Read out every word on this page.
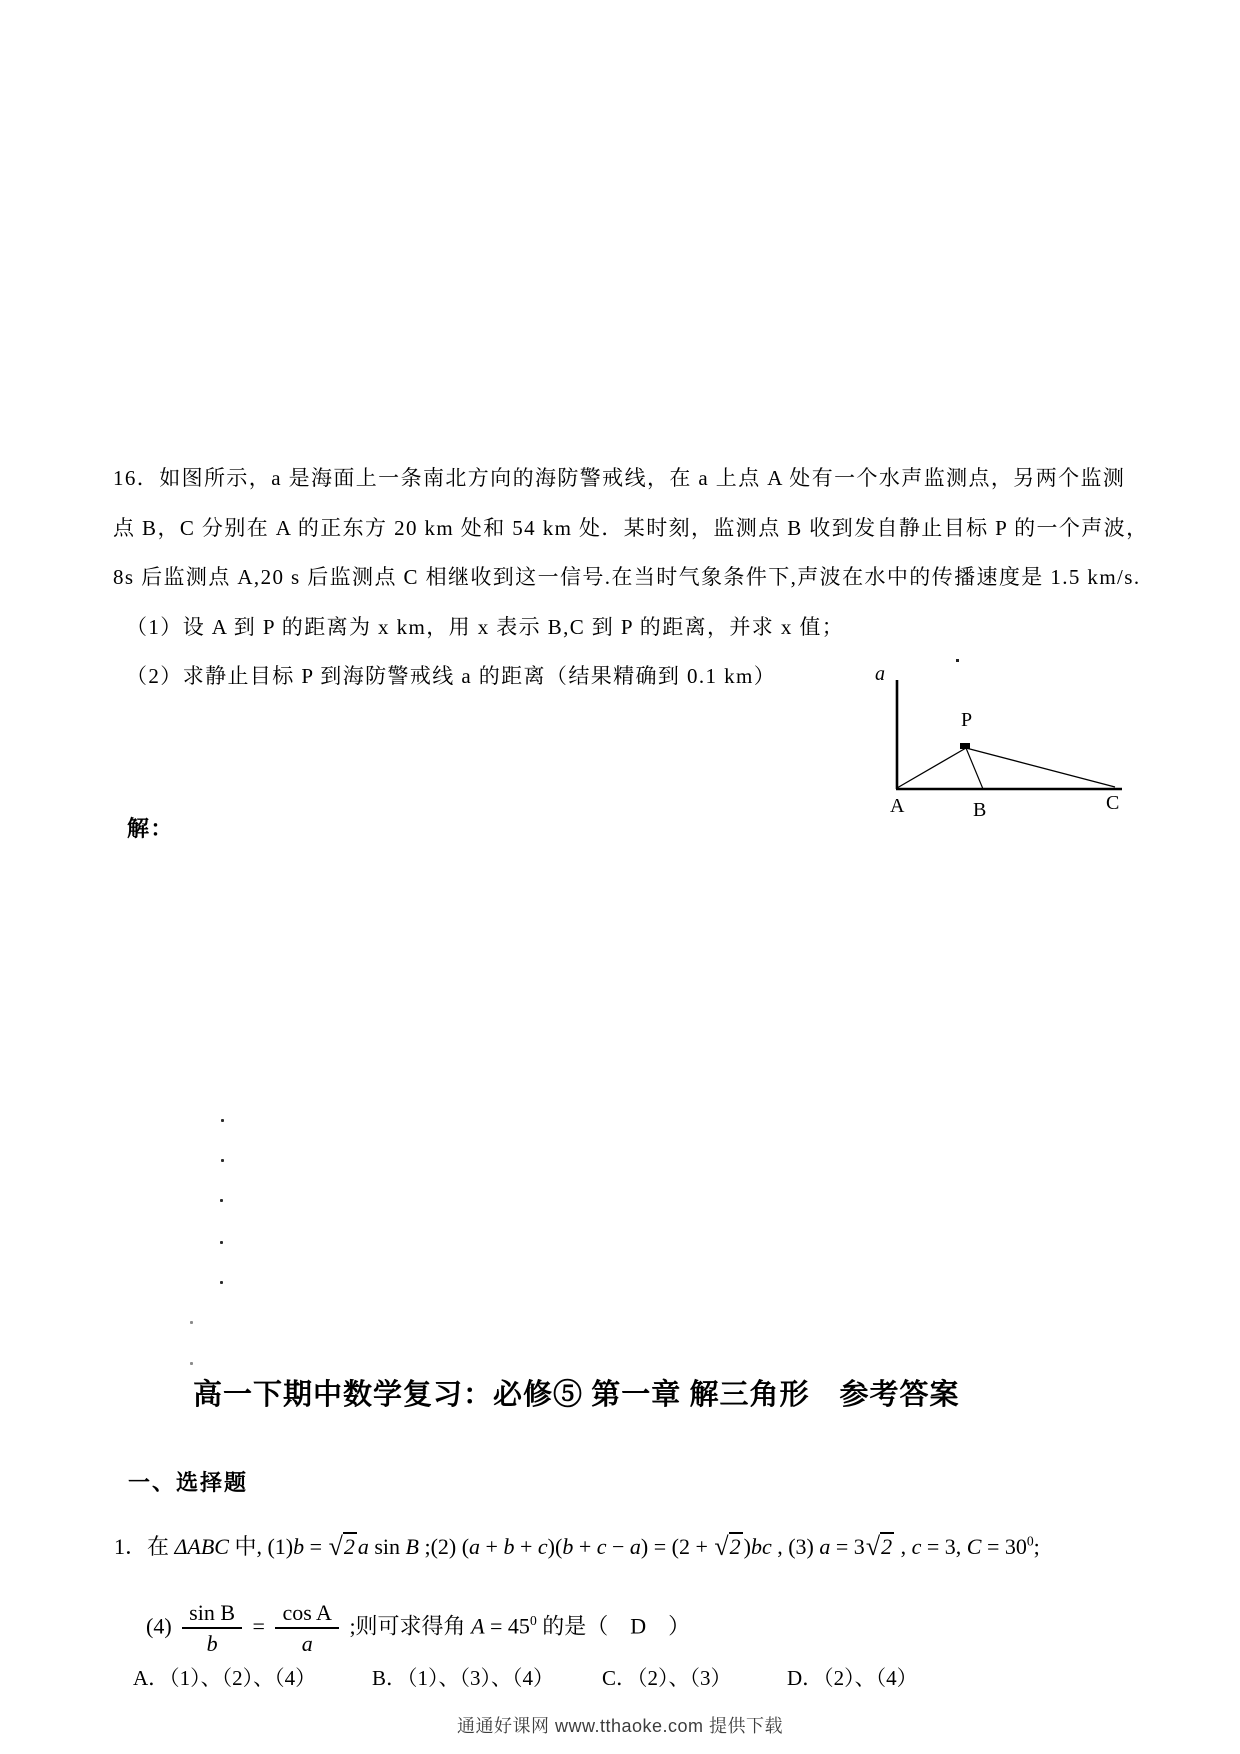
16．如图所示，a 是海面上一条南北方向的海防警戒线，在 a 上点 A 处有一个水声监测点，另两个监测
点 B，C 分别在 A 的正东方 20 km 处和 54 km 处．某时刻，监测点 B 收到发自静止目标 P 的一个声波，
8s 后监测点 A,20 s 后监测点 C 相继收到这一信号.在当时气象条件下,声波在水中的传播速度是 1.5 km/s.
（1）设 A 到 P 的距离为 x km，用 x 表示 B,C 到 P 的距离，并求 x 值；
（2）求静止目标 P 到海防警戒线 a 的距离（结果精确到 0.1 km）
解：
a
P
A	B	C
高一下期中数学复习：必修⑤ 第一章 解三角形　参考答案
一、选择题
1．在 ΔABC 中, (1)b = √2 a sin B ;(2) (a + b + c)(b + c − a) = (2 + √2 )bc , (3) a = 3√2 , c = 3, $C = 30^0$;
$(4) \frac{\text{sin B}}{b} = \frac{\text{cos A}}{a}$ ;则可求得角 $A = 45^0$ 的是（　D　）
A．（1）、（2）、（4）	B．（1）、（3）、（4） C．（2）、（3）	D．（2）、（4）
通通好课网 www.tthaoke.com 提供下载
